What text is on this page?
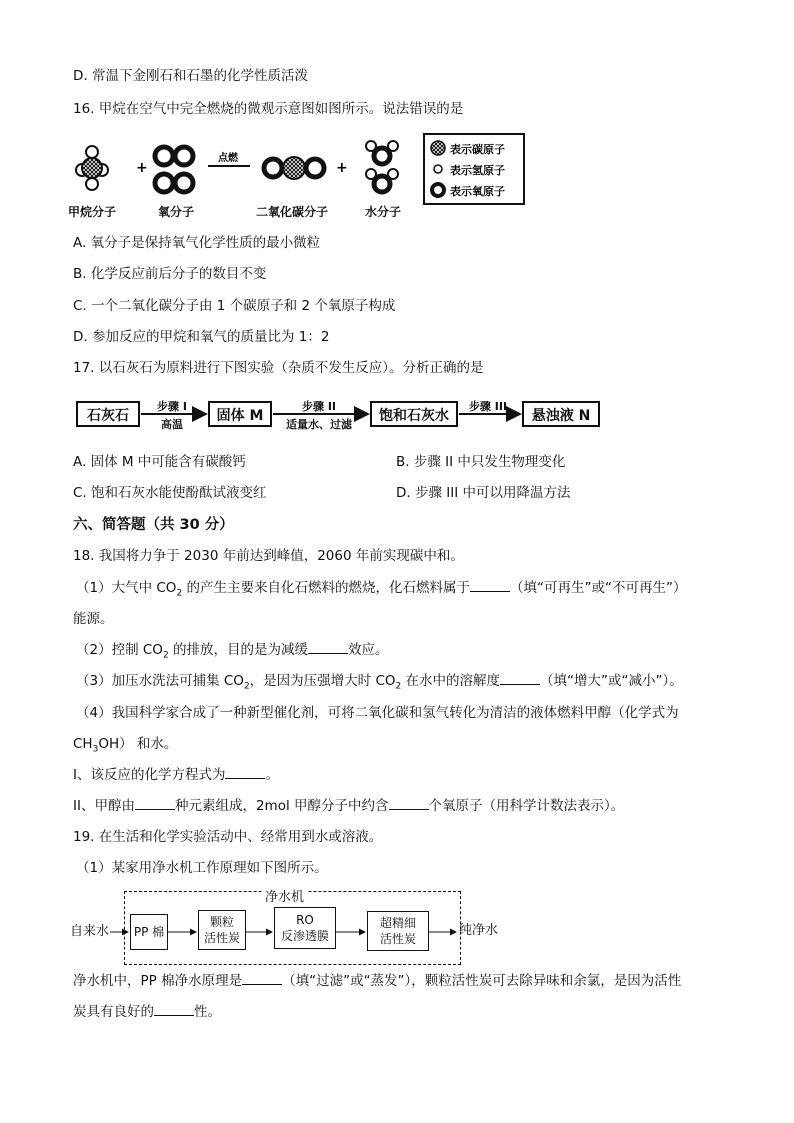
D. 常温下金刚石和石墨的化学性质活泼
16. 甲烷在空气中完全燃烧的微观示意图如图所示。说法错误的是
+
点燃
+
表示碳原子
表示氢原子
表示氧原子
甲烷分子	氧分子	二氧化碳分子	水分子
A. 氧分子是保持氧气化学性质的最小微粒
B. 化学反应前后分子的数目不变
C. 一个二氧化碳分子由 1 个碳原子和 2 个氧原子构成
D. 参加反应的甲烷和氧气的质量比为 1：2
17. 以石灰石为原料进行下图实验（杂质不发生反应）。分析正确的是
石灰石	固体 M	饱和石灰水	悬浊液 N
步骤 I
高温
步骤 II
适量水、过滤
步骤 III
A. 固体 M 中可能含有碳酸钙	B. 步骤 II 中只发生物理变化
C. 饱和石灰水能使酚酞试液变红	D. 步骤 III 中可以用降温方法
六、简答题（共 30 分）
18. 我国将力争于 2030 年前达到峰值，2060 年前实现碳中和。
（1）大气中 $CO_2$ 的产生主要来自化石燃料的燃烧，化石燃料属于	（填“可再生”或“不可再生”）
能源。
（2）控制 $CO_2$ 的排放，目的是为减缓	效应。
（3）加压水洗法可捕集 $CO_2$，是因为压强增大时 $CO_2$ 在水中的溶解度	（填“增大”或“减小”）。
（4）我国科学家合成了一种新型催化剂，可将二氧化碳和氢气转化为清洁的液体燃料甲醇（化学式为
$CH_3OH$） 和水。
I、该反应的化学方程式为	。
II、甲醇由	种元素组成，2mol 甲醇分子中约含	个氧原子（用科学计数法表示）。
19. 在生活和化学实验活动中、经常用到水或溶液。
（1）某家用净水机工作原理如下图所示。
净水机
自来水	纯净水
PP 棉
颗粒
活性炭
RO
反渗透膜
超精细
活性炭
净水机中，PP 棉净水原理是	（填“过滤”或“蒸发”），颗粒活性炭可去除异味和余氯，是因为活性
炭具有良好的	性。
